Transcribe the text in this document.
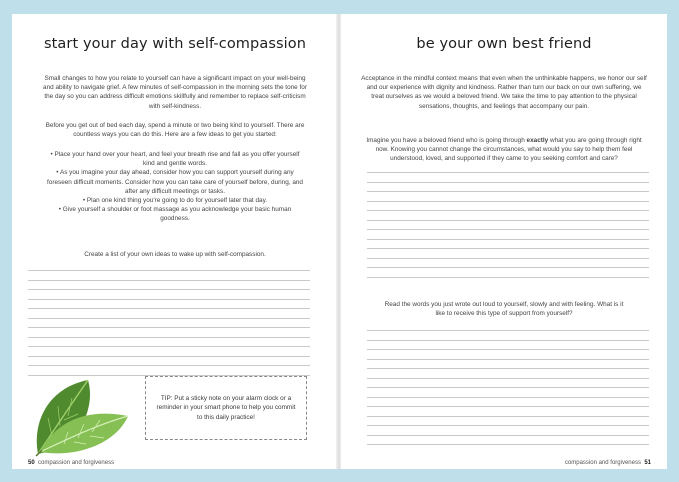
start your day with self-compassion

Small changes to how you relate to yourself can have a significant impact on your well-being and ability to navigate grief. A few minutes of self-compassion in the morning sets the tone for the day so you can address difficult emotions skillfully and remember to replace self-criticism with self-kindness.

Before you get out of bed each day, spend a minute or two being kind to yourself. There are countless ways you can do this. Here are a few ideas to get you started:

• Place your hand over your heart, and feel your breath rise and fall as you offer yourself kind and gentle words.
• As you imagine your day ahead, consider how you can support yourself during any foreseen difficult moments. Consider how you can take care of yourself before, during, and after any difficult meetings or tasks.
• Plan one kind thing you're going to do for yourself later that day.
• Give yourself a shoulder or foot massage as you acknowledge your basic human goodness.

Create a list of your own ideas to wake up with self-compassion.

TIP: Put a sticky note on your alarm clock or a reminder in your smart phone to help you commit to this daily practice!
50 compassion and forgiveness
be your own best friend

Acceptance in the mindful context means that even when the unthinkable happens, we honor our self and our experience with dignity and kindness. Rather than turn our back on our own suffering, we treat ourselves as we would a beloved friend. We take the time to pay attention to the physical sensations, thoughts, and feelings that accompany our pain.

Imagine you have a beloved friend who is going through exactly what you are going through right now. Knowing you cannot change the circumstances, what would you say to help them feel understood, loved, and supported if they came to you seeking comfort and care?

Read the words you just wrote out loud to yourself, slowly and with feeling. What is it like to receive this type of support from yourself?

compassion and forgiveness 51
